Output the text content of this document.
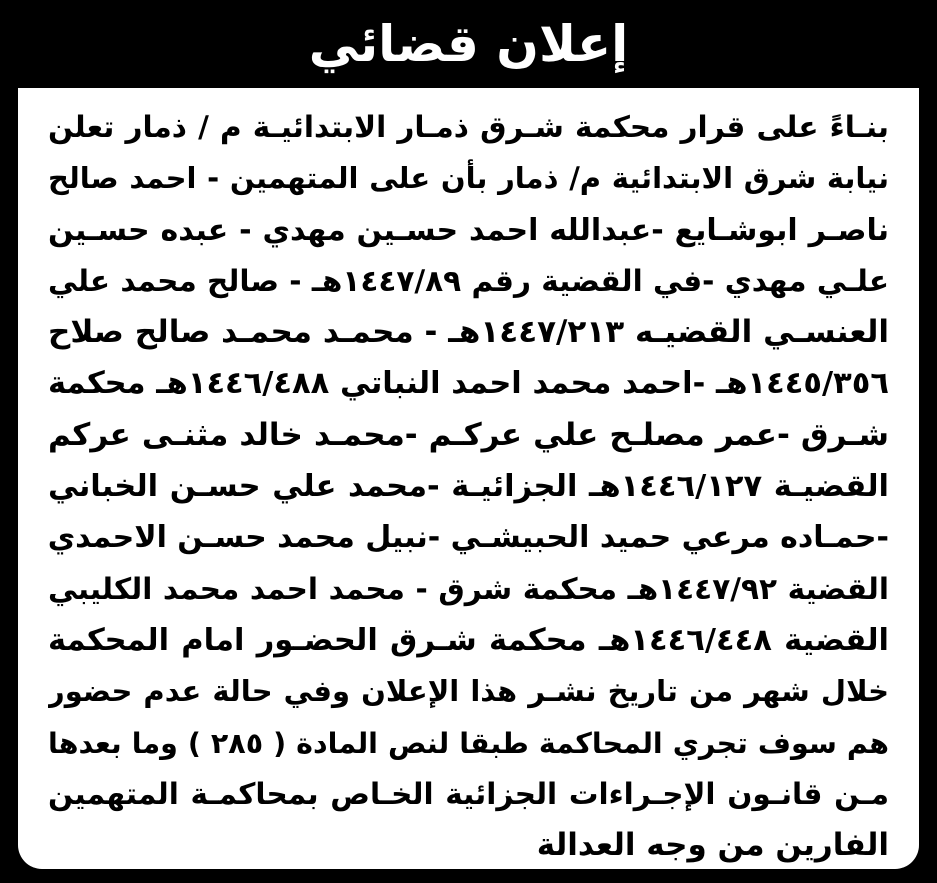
إعلان قضائي
بنـاءً على قرار محكمة شـرق ذمـار الابتدائيـة م / ذمار تعلن
نيابة شرق الابتدائية م/ ذمار بأن على المتهمين - احمد صالح
ناصـر ابوشـايع -عبدالله احمد حسـين مهدي - عبده حسـين
علـي مهدي -في القضية رقم ١٤٤٧/٨٩هـ - صالح محمد علي
العنسـي القضيـه ١٤٤٧/٢١٣هـ - محمـد محمـد صالح صلاح
١٤٤٥/٣٥٦هـ -احمد محمد احمد النباتي ١٤٤٦/٤٨٨هـ محكمة
شـرق -عمر مصلـح علي عركـم -محمـد خالد مثنـى عركم
القضيـة ١٤٤٦/١٢٧هـ الجزائيـة -محمد علي حسـن الخباني
-حمـاده مرعي حميد الحبيشـي -نبيل محمد حسـن الاحمدي
القضية ١٤٤٧/٩٢هـ محكمة شرق - محمد احمد محمد الكليبي
القضية ١٤٤٦/٤٤٨هـ محكمة شـرق الحضـور امام المحكمة
خلال شهر من تاريخ نشـر هذا الإعلان وفي حالة عدم حضور
هم سوف تجري المحاكمة طبقا لنص المادة ( ٢٨٥ ) وما بعدها
مـن قانـون الإجـراءات الجزائية الخـاص بمحاكمـة المتهمين
الفارين من وجه العدالة
